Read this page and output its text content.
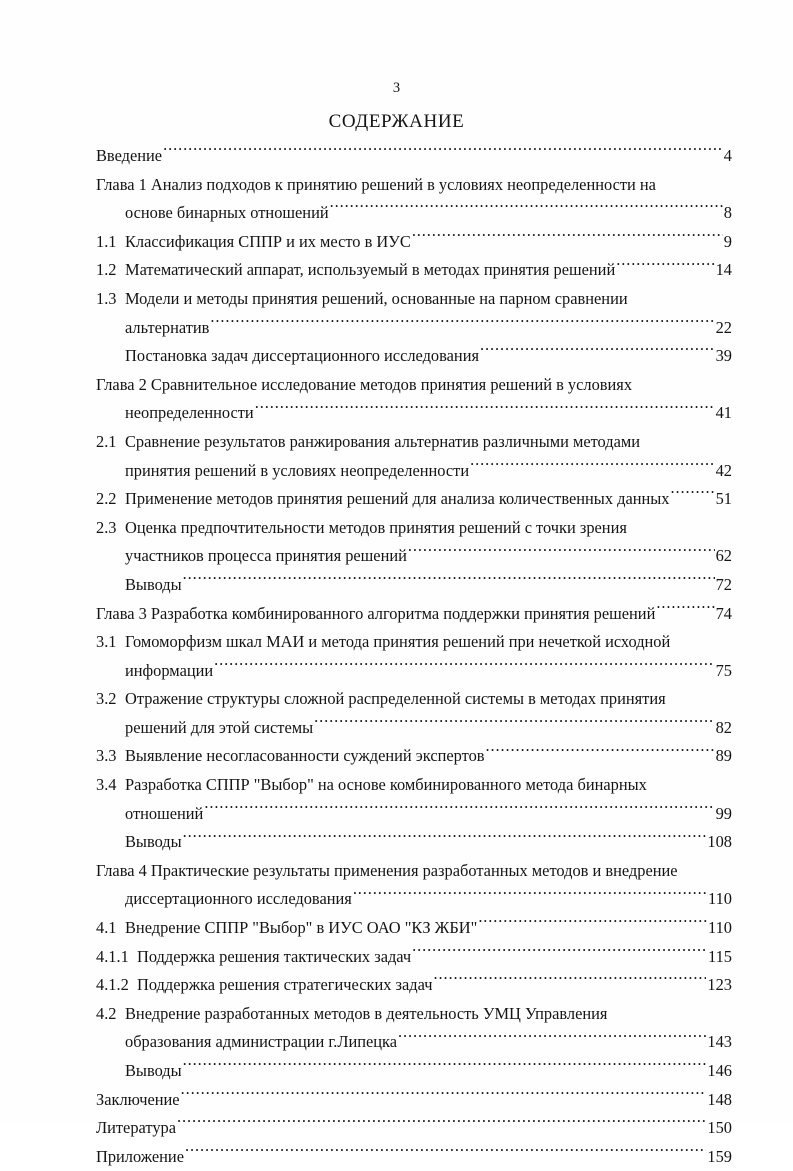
3
СОДЕРЖАНИЕ
Введение .....	4
Глава 1 Анализ подходов к принятию решений в условиях неопределенности на

основе бинарных отношений .....	8
1.1 Классификация СППР и их место в ИУС .....	9
1.2 Математический аппарат, используемый в методах принятия решений .....	14
1.3 Модели и методы принятия решений, основанные на парном сравнении

альтернатив .....	22

Постановка задач диссертационного исследования .....	39
Глава 2 Сравнительное исследование методов принятия решений в условиях

неопределенности .....	41
2.1 Сравнение результатов ранжирования альтернатив различными методами

принятия решений в условиях неопределенности .....	42
2.2 Применение методов принятия решений для анализа количественных данных .....	51
2.3 Оценка предпочтительности методов принятия решений с точки зрения

участников процесса принятия решений .....	62

Выводы .....	72
Глава 3 Разработка комбинированного алгоритма поддержки принятия решений .....	74
3.1 Гомоморфизм шкал МАИ и метода принятия решений при нечеткой исходной

информации .....	75
3.2 Отражение структуры сложной распределенной системы в методах принятия

решений для этой системы .....	82
3.3 Выявление несогласованности суждений экспертов .....	89
3.4 Разработка СППР "Выбор" на основе комбинированного метода бинарных

отношений .....	99

Выводы .....	108
Глава 4 Практические результаты применения разработанных методов и внедрение

диссертационного исследования .....	110
4.1 Внедрение СППР "Выбор" в ИУС ОАО "КЗ ЖБИ" .....	110
4.1.1 Поддержка решения тактических задач .....	115
4.1.2 Поддержка решения стратегических задач .....	123
4.2 Внедрение разработанных методов в деятельность УМЦ Управления

образования администрации г.Липецка .....	143

Выводы .....	146
Заключение .....	148
Литература .....	150
Приложение .....	159
